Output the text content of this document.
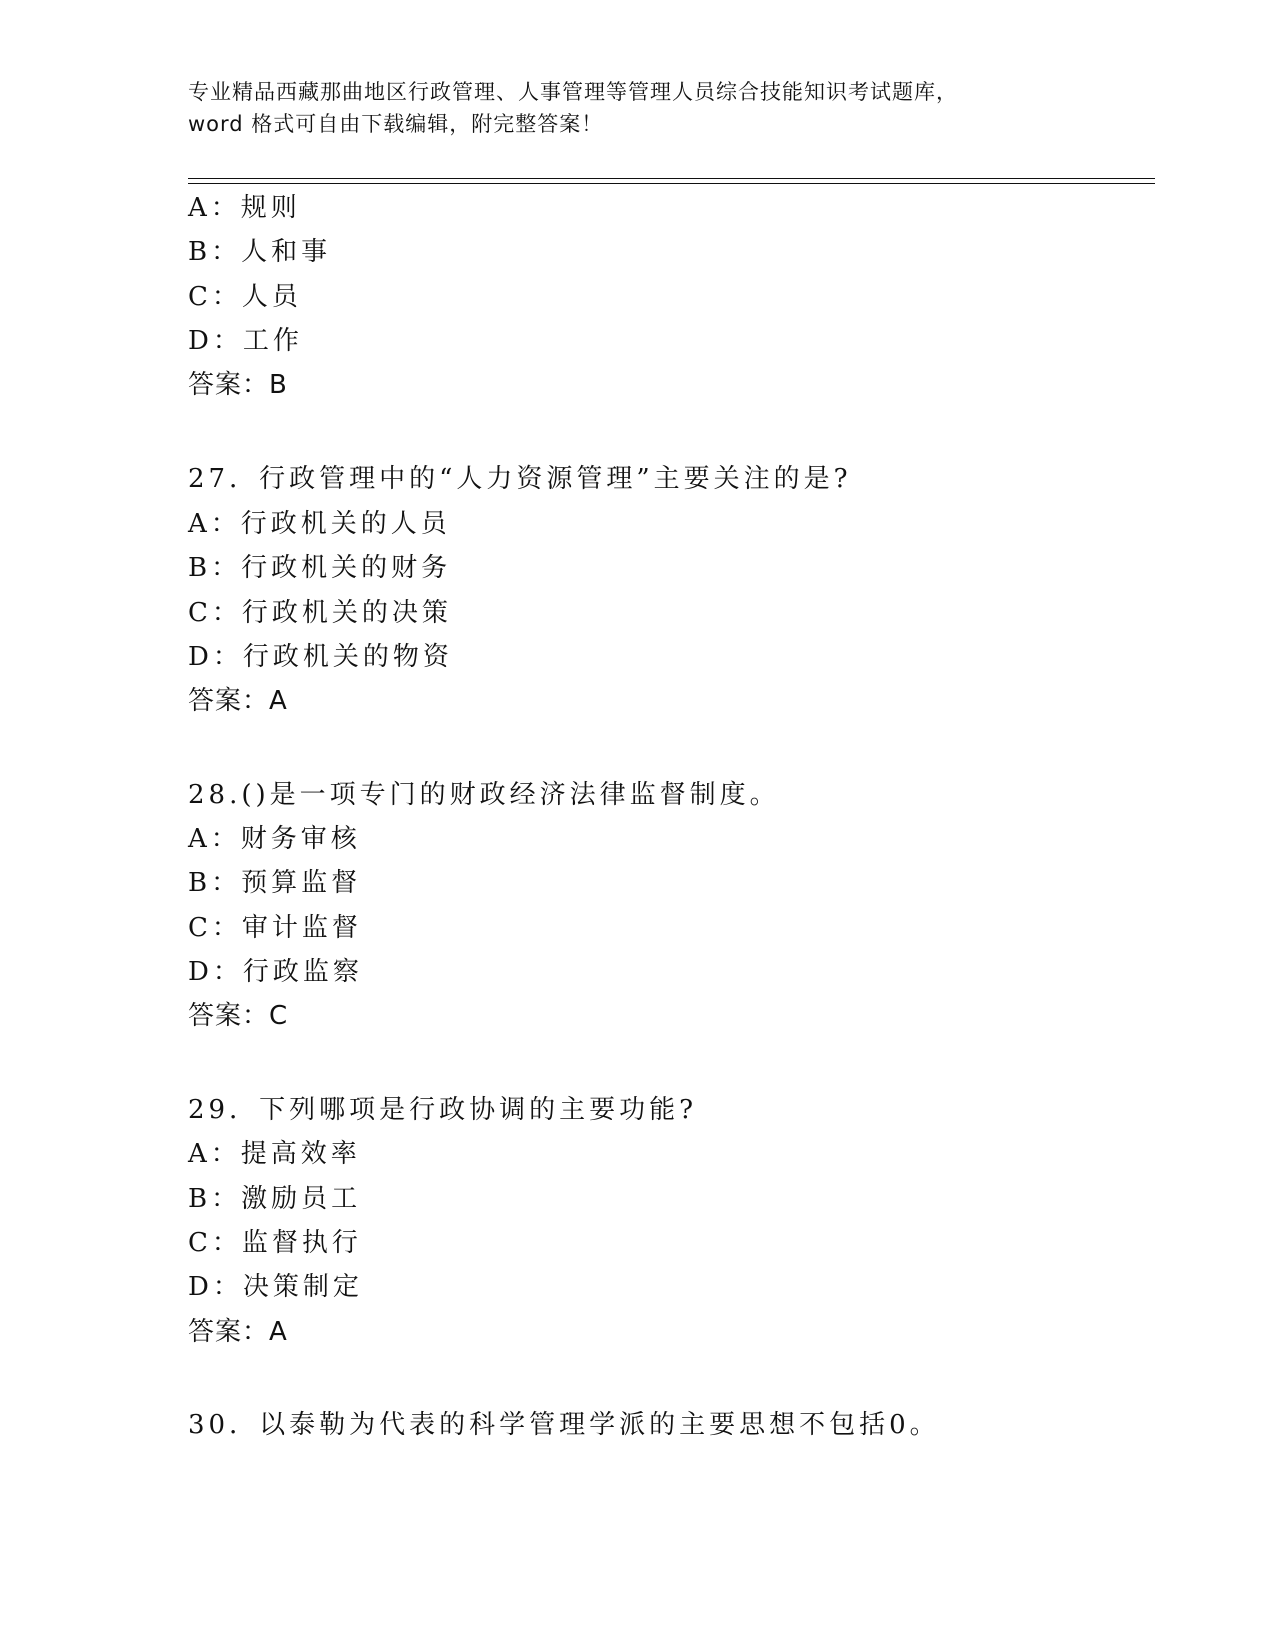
专业精品西藏那曲地区行政管理、人事管理等管理人员综合技能知识考试题库，
word 格式可自由下载编辑，附完整答案！
A：规则
B：人和事
C：人员
D：工作
答案：B
27．行政管理中的“人力资源管理”主要关注的是?
A：行政机关的人员
B：行政机关的财务
C：行政机关的决策
D：行政机关的物资
答案：A
28.()是一项专门的财政经济法律监督制度。
A：财务审核
B：预算监督
C：审计监督
D：行政监察
答案：C
29．下列哪项是行政协调的主要功能?
A：提高效率
B：激励员工
C：监督执行
D：决策制定
答案：A
30．以泰勒为代表的科学管理学派的主要思想不包括0。
